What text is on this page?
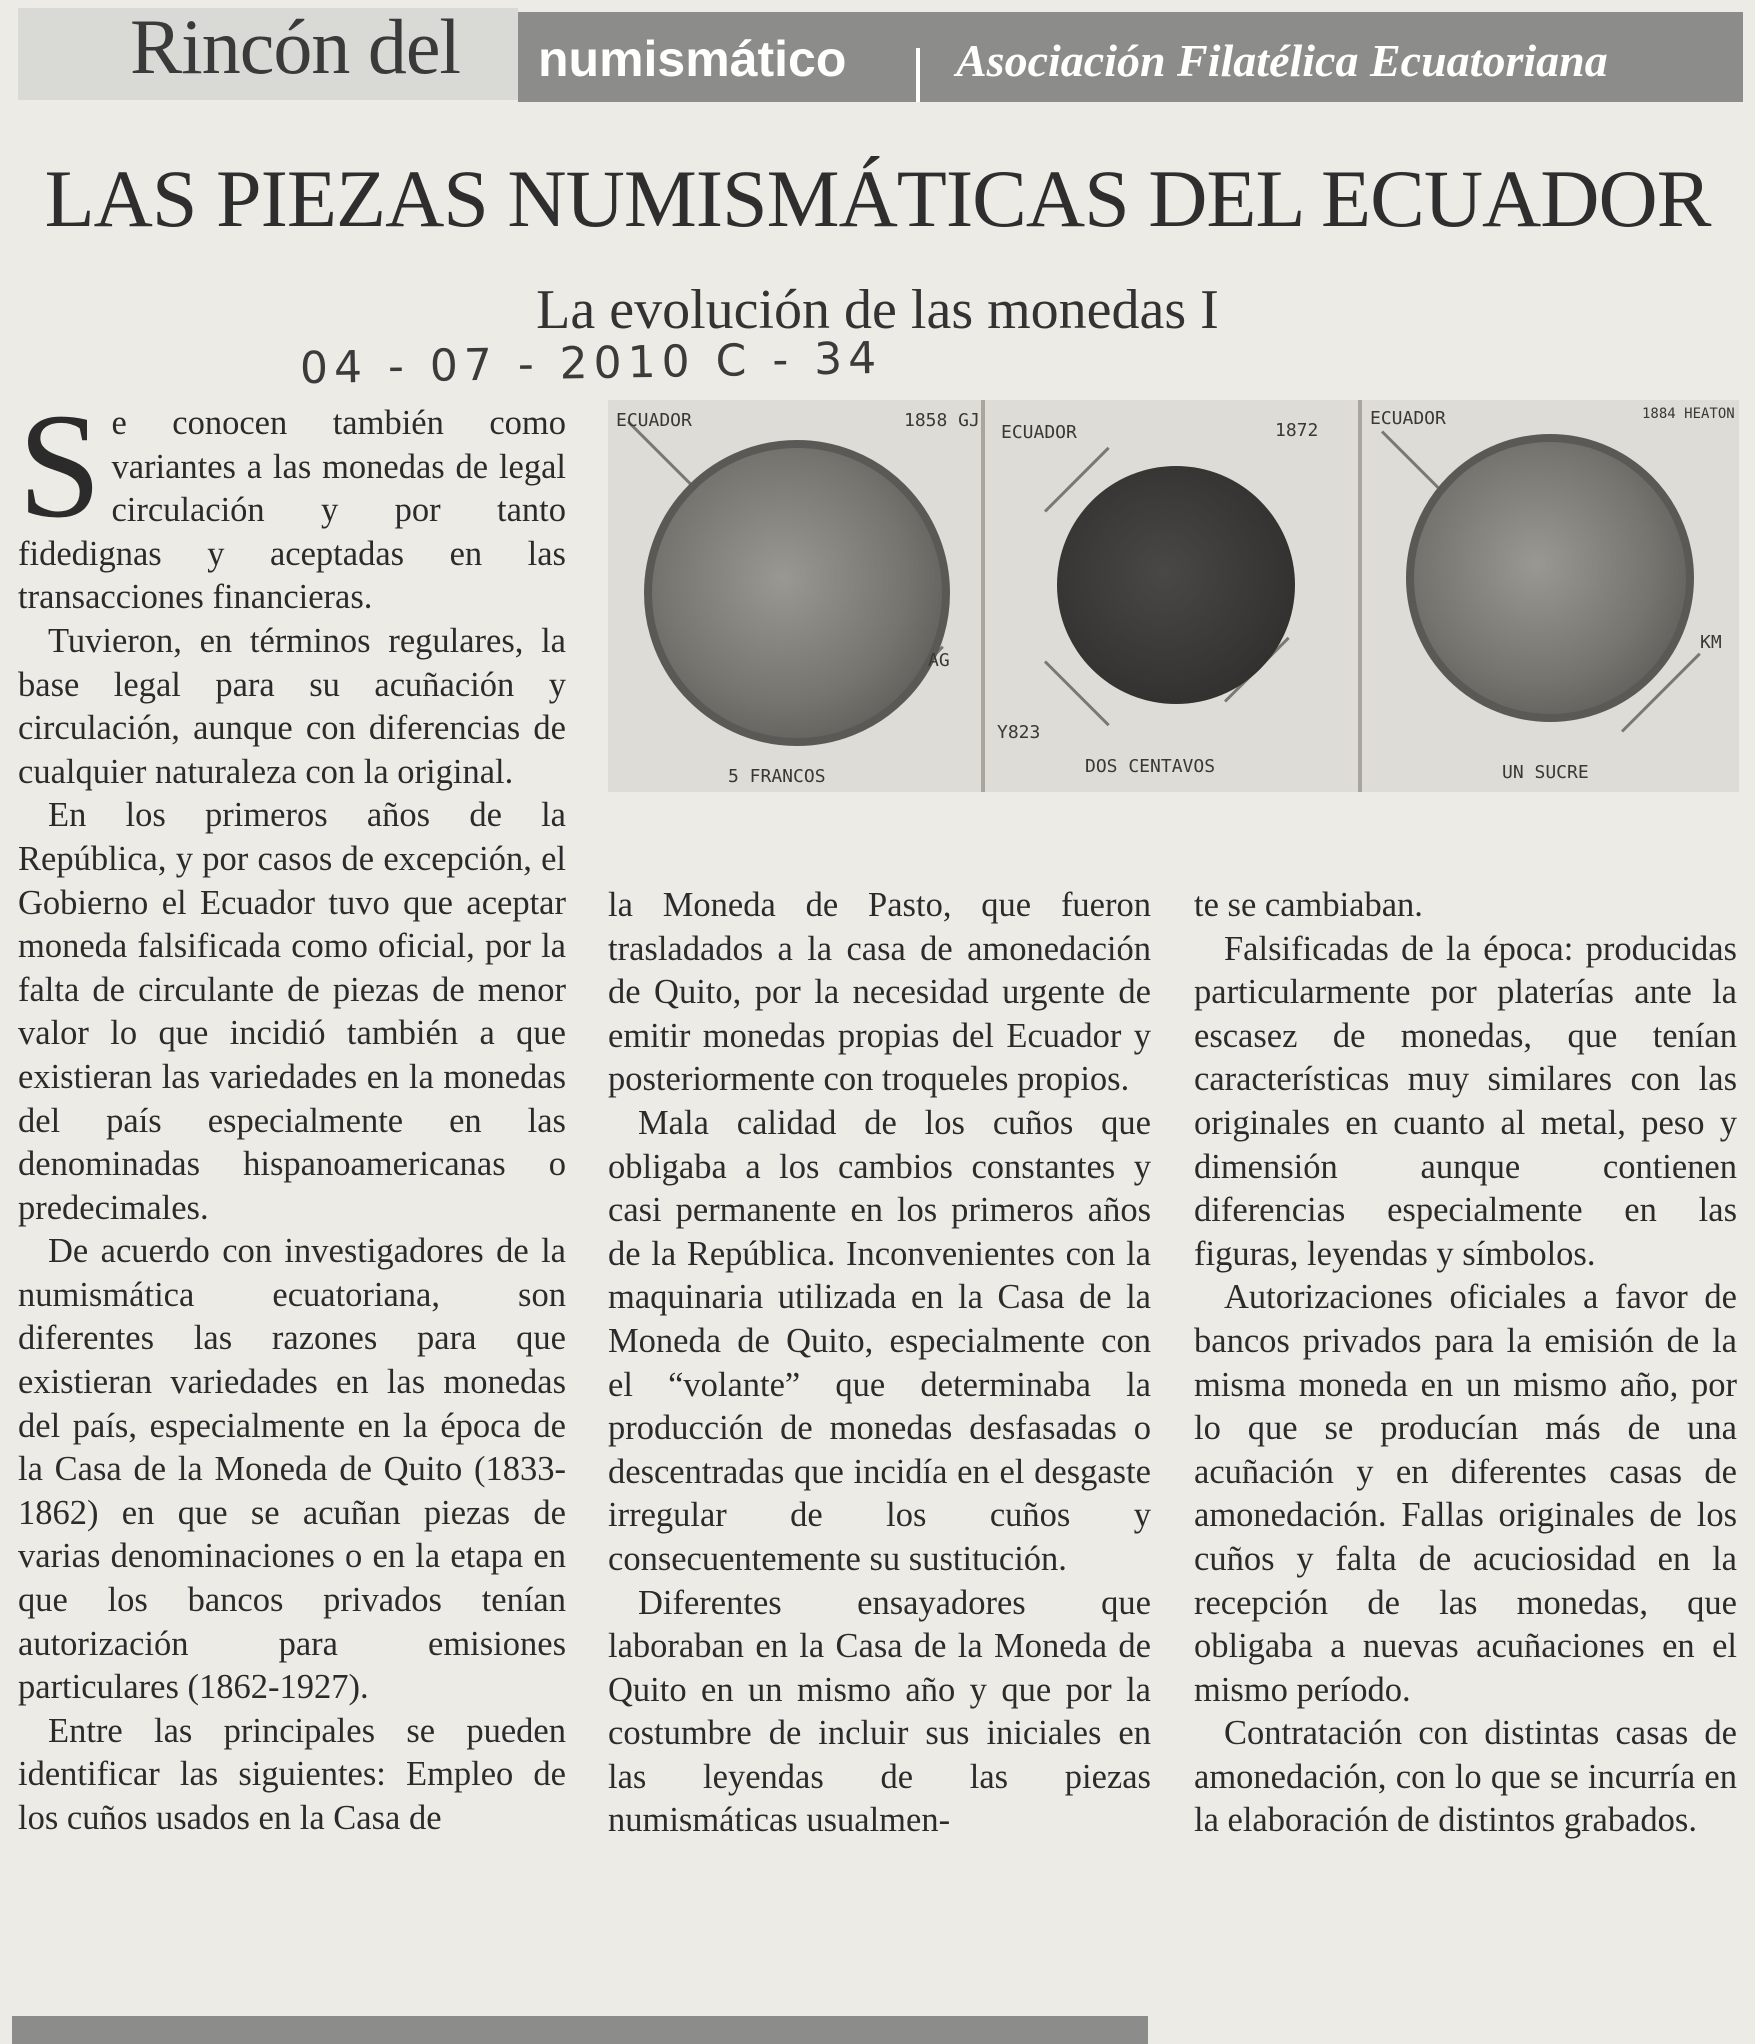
Rincón del numismático Asociación Filatélica Ecuatoriana
LAS PIEZAS NUMISMÁTICAS DEL ECUADOR
La evolución de las monedas I
04 - 07 - 2010 C - 34
ECUADOR	1858 GJ
AG
5 FRANCOS
ECUADOR	1872
Y823
DOS CENTAVOS
ECUADOR	1884 HEATON
KM
UN SUCRE

Se conocen también como variantes a las monedas de legal circulación y por tanto fidedignas y aceptadas en las transacciones financieras.

Tuvieron, en términos regulares, la base legal para su acuñación y circulación, aunque con diferencias de cualquier naturaleza con la original.

En los primeros años de la República, y por casos de excepción, el Gobierno el Ecuador tuvo que aceptar moneda falsificada como oficial, por la falta de circulante de piezas de menor valor lo que incidió también a que existieran las variedades en la monedas del país especialmente en las denominadas hispanoamericanas o predecimales.

De acuerdo con investigadores de la numismática ecuatoriana, son diferentes las razones para que existieran variedades en las monedas del país, especialmente en la época de la Casa de la Moneda de Quito (1833-1862) en que se acuñan piezas de varias denominaciones o en la etapa en que los bancos privados tenían autorización para emisiones particulares (1862-1927).

Entre las principales se pueden identificar las siguientes: Empleo de los cuños usados en la Casa de

la Moneda de Pasto, que fueron trasladados a la casa de amonedación de Quito, por la necesidad urgente de emitir monedas propias del Ecuador y posteriormente con troqueles propios.

Mala calidad de los cuños que obligaba a los cambios constantes y casi permanente en los primeros años de la República. Inconvenientes con la maquinaria utilizada en la Casa de la Moneda de Quito, especialmente con el “volante” que determinaba la producción de monedas desfasadas o descentradas que incidía en el desgaste irregular de los cuños y consecuentemente su sustitución.

Diferentes ensayadores que laboraban en la Casa de la Moneda de Quito en un mismo año y que por la costumbre de incluir sus iniciales en las leyendas de las piezas numismáticas usualmen-

te se cambiaban.

Falsificadas de la época: producidas particularmente por platerías ante la escasez de monedas, que tenían características muy similares con las originales en cuanto al metal, peso y dimensión aunque contienen diferencias especialmente en las figuras, leyendas y símbolos.

Autorizaciones oficiales a favor de bancos privados para la emisión de la misma moneda en un mismo año, por lo que se producían más de una acuñación y en diferentes casas de amonedación. Fallas originales de los cuños y falta de acuciosidad en la recepción de las monedas, que obligaba a nuevas acuñaciones en el mismo período.

Contratación con distintas casas de amonedación, con lo que se incurría en la elaboración de distintos grabados.
